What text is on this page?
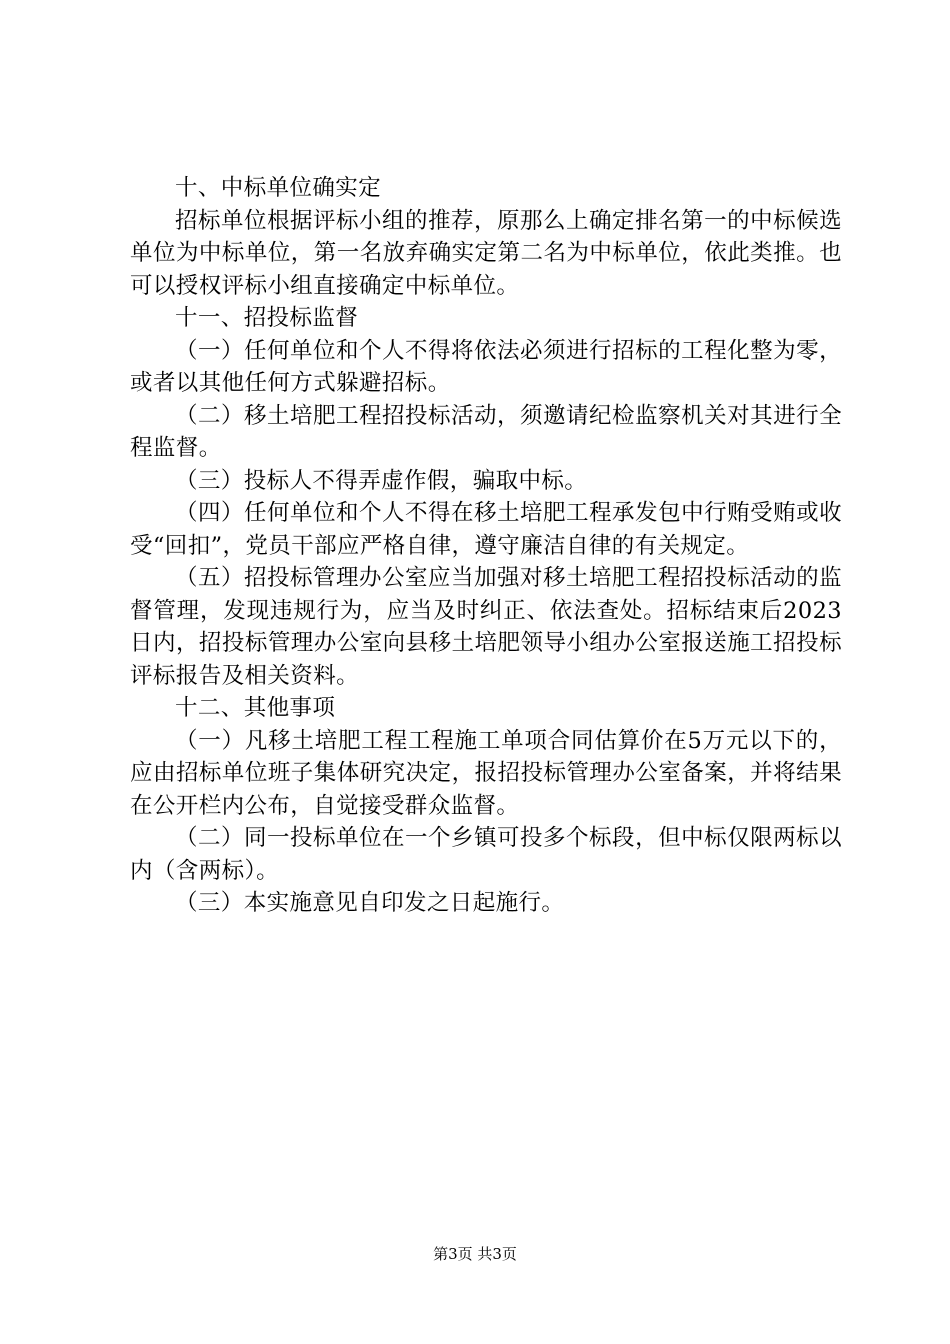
十、中标单位确实定

招标单位根据评标小组的推荐，原那么上确定排名第一的中标候选单位为中标单位，第一名放弃确实定第二名为中标单位，依此类推。也可以授权评标小组直接确定中标单位。

十一、招投标监督

（一）任何单位和个人不得将依法必须进行招标的工程化整为零，或者以其他任何方式躲避招标。

（二）移土培肥工程招投标活动，须邀请纪检监察机关对其进行全程监督。

（三）投标人不得弄虚作假，骗取中标。

（四）任何单位和个人不得在移土培肥工程承发包中行贿受贿或收受“回扣”，党员干部应严格自律，遵守廉洁自律的有关规定。

（五）招投标管理办公室应当加强对移土培肥工程招投标活动的监督管理，发现违规行为，应当及时纠正、依法查处。招标结束后2023日内，招投标管理办公室向县移土培肥领导小组办公室报送施工招投标评标报告及相关资料。

十二、其他事项

（一）凡移土培肥工程工程施工单项合同估算价在5万元以下的，应由招标单位班子集体研究决定，报招投标管理办公室备案，并将结果在公开栏内公布，自觉接受群众监督。

（二）同一投标单位在一个乡镇可投多个标段，但中标仅限两标以内（含两标）。

（三）本实施意见自印发之日起施行。

第3页 共3页
